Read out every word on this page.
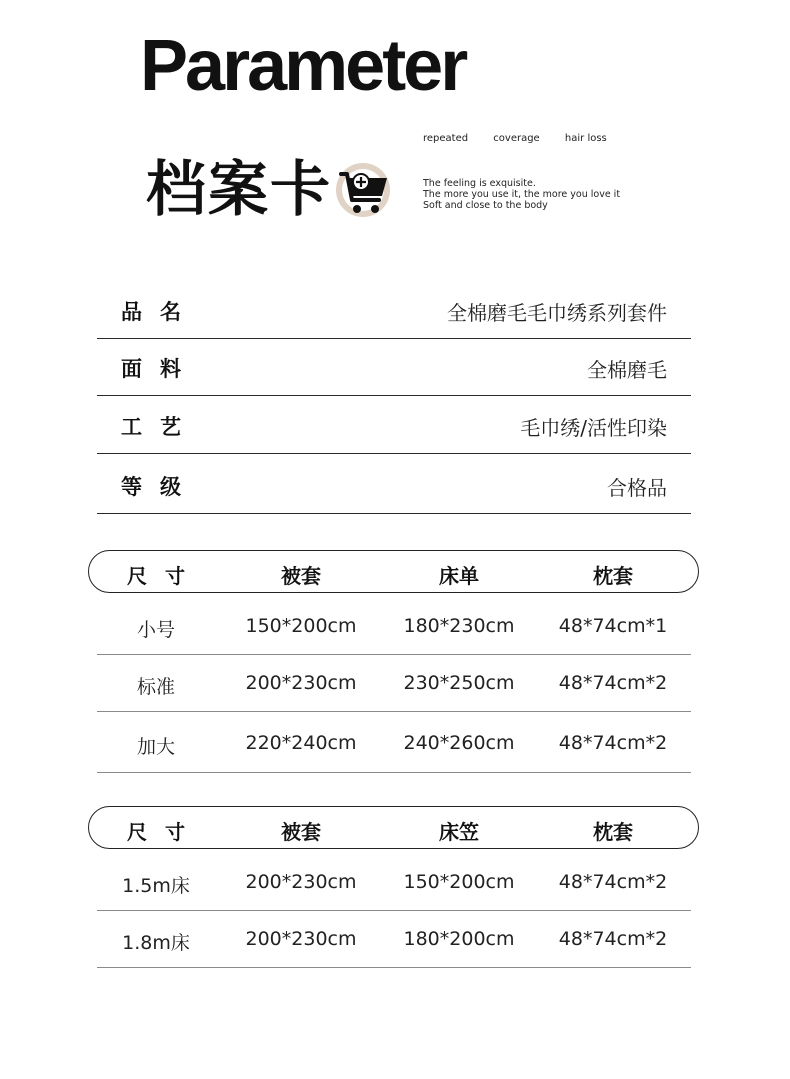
Parameter
档案卡
repeated	coverage	hair loss
The feeling is exquisite.
The more you use it, the more you love it
Soft and close to the body
品名	全棉磨毛毛巾绣系列套件
面料	全棉磨毛
工艺	毛巾绣/活性印染
等级	合格品
尺寸	被套	床单	枕套
小号	150*200cm 180*230cm 48*74cm*1
标准	200*230cm 230*250cm 48*74cm*2
加大	220*240cm 240*260cm 48*74cm*2
尺寸	被套	床笠	枕套
1.5m床	200*230cm 150*200cm 48*74cm*2
1.8m床	200*230cm 180*200cm 48*74cm*2
